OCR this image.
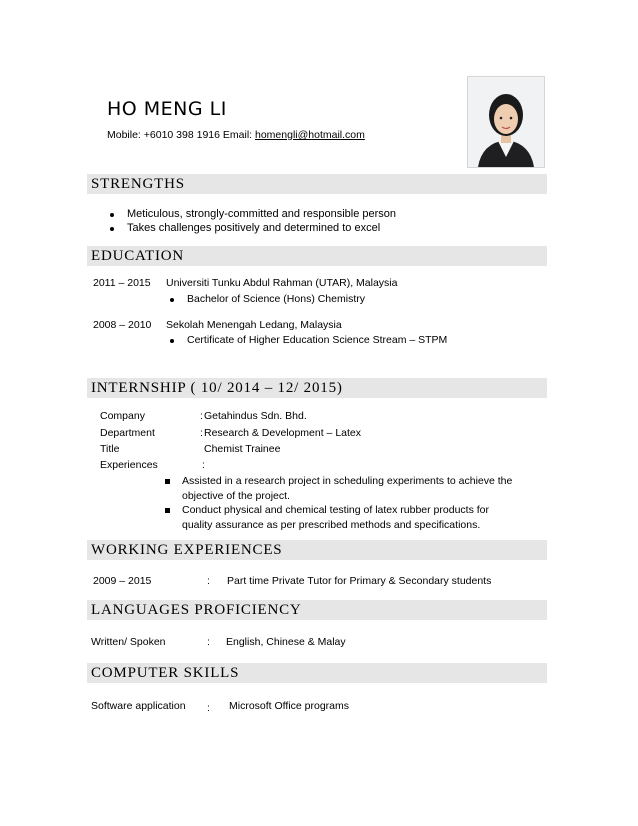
HO MENG LI
Mobile: +6010 398 1916 Email: homengli@hotmail.com
STRENGTHS
Meticulous, strongly-committed and responsible person
Takes challenges positively and determined to excel
EDUCATION
2011 – 2015 Universiti Tunku Abdul Rahman (UTAR), Malaysia
Bachelor of Science (Hons) Chemistry
2008 – 2010 Sekolah Menengah Ledang, Malaysia
Certificate of Higher Education Science Stream – STPM
INTERNSHIP ( 10/ 2014 – 12/ 2015)
Company	: Getahindus Sdn. Bhd.
Department	: Research & Development – Latex
Title	Chemist Trainee
Experiences	:
Assisted in a research project in scheduling experiments to achieve the
objective of the project.
Conduct physical and chemical testing of latex rubber products for
quality assurance as per prescribed methods and specifications.
WORKING EXPERIENCES
2009 – 2015	: Part time Private Tutor for Primary & Secondary students
LANGUAGES PROFICIENCY
Written/ Spoken	: English, Chinese & Malay
COMPUTER SKILLS
Software application : Microsoft Office programs
